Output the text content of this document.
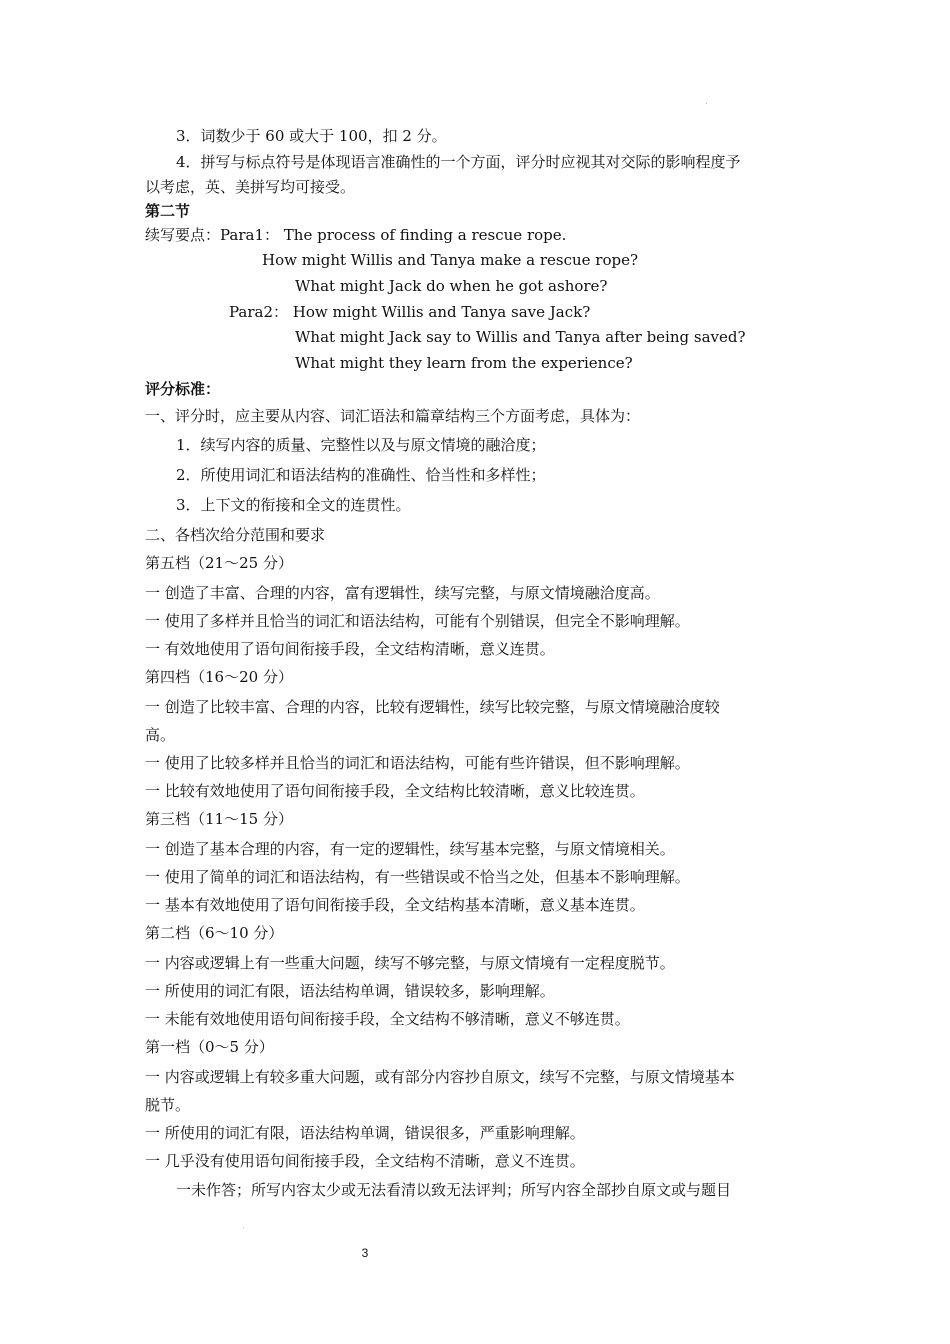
3．词数少于 60 或大于 100，扣 2 分。
4．拼写与标点符号是体现语言准确性的一个方面，评分时应视其对交际的影响程度予
以考虑，英、美拼写均可接受。
第二节
续写要点：Para1： The process of finding a rescue rope.
How might Willis and Tanya make a rescue rope?
What might Jack do when he got ashore?
Para2： How might Willis and Tanya save Jack?
What might Jack say to Willis and Tanya after being saved?
What might they learn from the experience?
评分标准：
一、评分时，应主要从内容、词汇语法和篇章结构三个方面考虑，具体为：
1．续写内容的质量、完整性以及与原文情境的融洽度；
2．所使用词汇和语法结构的准确性、恰当性和多样性；
3．上下文的衔接和全文的连贯性。
二、各档次给分范围和要求
第五档（21～25 分）
一 创造了丰富、合理的内容，富有逻辑性，续写完整，与原文情境融洽度高。
一 使用了多样并且恰当的词汇和语法结构，可能有个别错误，但完全不影响理解。
一 有效地使用了语句间衔接手段，全文结构清晰，意义连贯。
第四档（16～20 分）
一 创造了比较丰富、合理的内容，比较有逻辑性，续写比较完整，与原文情境融洽度较
高。
一 使用了比较多样并且恰当的词汇和语法结构，可能有些许错误，但不影响理解。
一 比较有效地使用了语句间衔接手段，全文结构比较清晰，意义比较连贯。
第三档（11～15 分）
一 创造了基本合理的内容，有一定的逻辑性，续写基本完整，与原文情境相关。
一 使用了简单的词汇和语法结构，有一些错误或不恰当之处，但基本不影响理解。
一 基本有效地使用了语句间衔接手段，全文结构基本清晰，意义基本连贯。
第二档（6～10 分）
一 内容或逻辑上有一些重大问题，续写不够完整，与原文情境有一定程度脱节。
一 所使用的词汇有限，语法结构单调，错误较多，影响理解。
一 未能有效地使用语句间衔接手段，全文结构不够清晰，意义不够连贯。
第一档（0～5 分）
一 内容或逻辑上有较多重大问题，或有部分内容抄自原文，续写不完整，与原文情境基本
脱节。
一 所使用的词汇有限，语法结构单调，错误很多，严重影响理解。
一 几乎没有使用语句间衔接手段，全文结构不清晰，意义不连贯。
一未作答；所写内容太少或无法看清以致无法评判；所写内容全部抄自原文或与题目
3
